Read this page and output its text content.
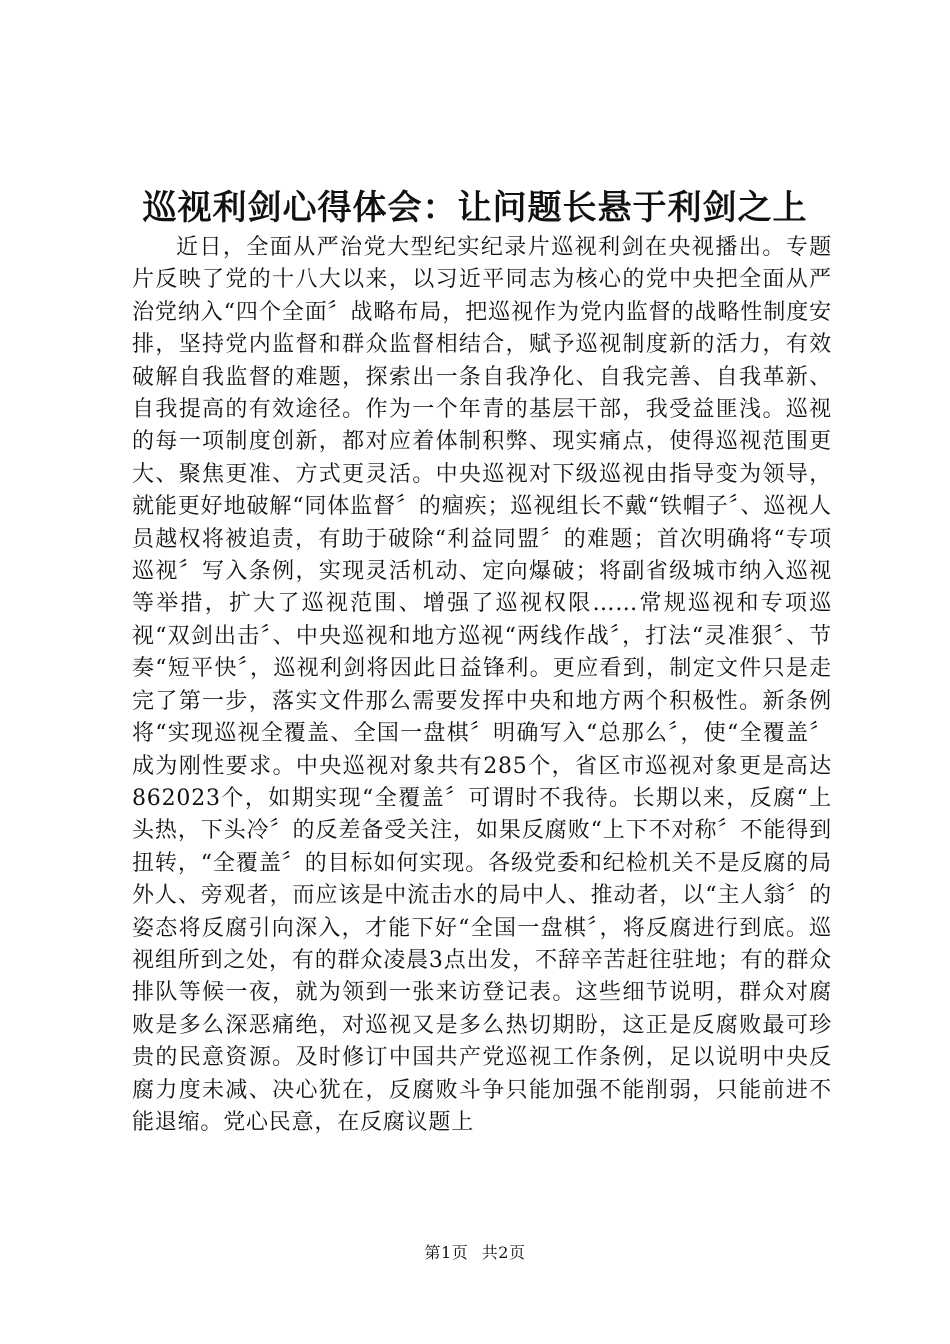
巡视利剑心得体会：让问题长悬于利剑之上

近日，全面从严治党大型纪实纪录片巡视利剑在央视播出。专题片反映了党的十八大以来，以习近平同志为核心的党中央把全面从严治党纳入“四个全面〞战略布局，把巡视作为党内监督的战略性制度安排，坚持党内监督和群众监督相结合，赋予巡视制度新的活力，有效破解自我监督的难题，探索出一条自我净化、自我完善、自我革新、自我提高的有效途径。作为一个年青的基层干部，我受益匪浅。巡视的每一项制度创新，都对应着体制积弊、现实痛点，使得巡视范围更大、聚焦更准、方式更灵活。中央巡视对下级巡视由指导变为领导，就能更好地破解“同体监督〞的痼疾；巡视组长不戴“铁帽子〞、巡视人员越权将被追责，有助于破除“利益同盟〞的难题；首次明确将“专项巡视〞写入条例，实现灵活机动、定向爆破；将副省级城市纳入巡视等举措，扩大了巡视范围、增强了巡视权限……常规巡视和专项巡视“双剑出击〞、中央巡视和地方巡视“两线作战〞，打法“灵准狠〞、节奏“短平快〞，巡视利剑将因此日益锋利。更应看到，制定文件只是走完了第一步，落实文件那么需要发挥中央和地方两个积极性。新条例将“实现巡视全覆盖、全国一盘棋〞明确写入“总那么〞，使“全覆盖〞成为刚性要求。中央巡视对象共有285个，省区市巡视对象更是高达862023个，如期实现“全覆盖〞可谓时不我待。长期以来，反腐“上头热，下头冷〞的反差备受关注，如果反腐败“上下不对称〞不能得到扭转，“全覆盖〞的目标如何实现。各级党委和纪检机关不是反腐的局外人、旁观者，而应该是中流击水的局中人、推动者，以“主人翁〞的姿态将反腐引向深入，才能下好“全国一盘棋〞，将反腐进行到底。巡视组所到之处，有的群众凌晨3点出发，不辞辛苦赶往驻地；有的群众排队等候一夜，就为领到一张来访登记表。这些细节说明，群众对腐败是多么深恶痛绝，对巡视又是多么热切期盼，这正是反腐败最可珍贵的民意资源。及时修订中国共产党巡视工作条例，足以说明中央反腐力度未减、决心犹在，反腐败斗争只能加强不能削弱，只能前进不能退缩。党心民意，在反腐议题上

第1页 共2页
